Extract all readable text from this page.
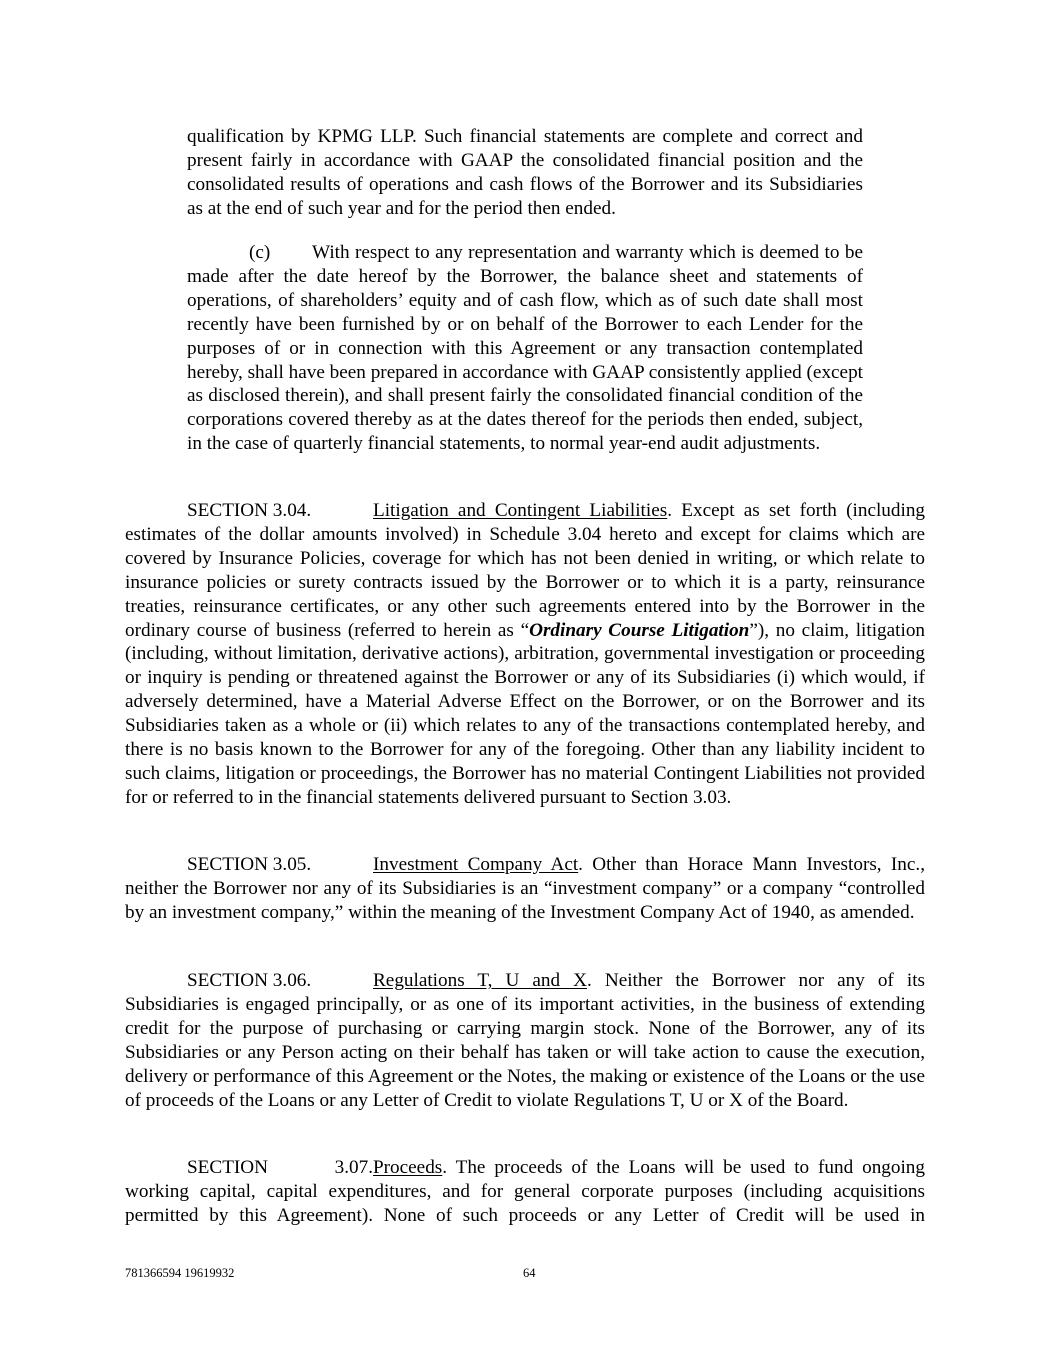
qualification by KPMG LLP. Such financial statements are complete and correct and present fairly in accordance with GAAP the consolidated financial position and the consolidated results of operations and cash flows of the Borrower and its Subsidiaries as at the end of such year and for the period then ended.

(c) With respect to any representation and warranty which is deemed to be made after the date hereof by the Borrower, the balance sheet and statements of operations, of shareholders’ equity and of cash flow, which as of such date shall most recently have been furnished by or on behalf of the Borrower to each Lender for the purposes of or in connection with this Agreement or any transaction contemplated hereby, shall have been prepared in accordance with GAAP consistently applied (except as disclosed therein), and shall present fairly the consolidated financial condition of the corporations covered thereby as at the dates thereof for the periods then ended, subject, in the case of quarterly financial statements, to normal year-end audit adjustments.

SECTION 3.04.	Litigation and Contingent Liabilities. Except as set forth (including estimates of the dollar amounts involved) in Schedule 3.04 hereto and except for claims which are covered by Insurance Policies, coverage for which has not been denied in writing, or which relate to insurance policies or surety contracts issued by the Borrower or to which it is a party, reinsurance treaties, reinsurance certificates, or any other such agreements entered into by the Borrower in the ordinary course of business (referred to herein as “Ordinary Course Litigation”), no claim, litigation (including, without limitation, derivative actions), arbitration, governmental investigation or proceeding or inquiry is pending or threatened against the Borrower or any of its Subsidiaries (i) which would, if adversely determined, have a Material Adverse Effect on the Borrower, or on the Borrower and its Subsidiaries taken as a whole or (ii) which relates to any of the transactions contemplated hereby, and there is no basis known to the Borrower for any of the foregoing. Other than any liability incident to such claims, litigation or proceedings, the Borrower has no material Contingent Liabilities not provided for or referred to in the financial statements delivered pursuant to Section 3.03.

SECTION 3.05.	Investment Company Act. Other than Horace Mann Investors, Inc., neither the Borrower nor any of its Subsidiaries is an “investment company” or a company “controlled by an investment company,” within the meaning of the Investment Company Act of 1940, as amended.

SECTION 3.06.	Regulations T, U and X. Neither the Borrower nor any of its Subsidiaries is engaged principally, or as one of its important activities, in the business of extending credit for the purpose of purchasing or carrying margin stock. None of the Borrower, any of its Subsidiaries or any Person acting on their behalf has taken or will take action to cause the execution, delivery or performance of this Agreement or the Notes, the making or existence of the Loans or the use of proceeds of the Loans or any Letter of Credit to violate Regulations T, U or X of the Board.

SECTION 3.07.Proceeds. The proceeds of the Loans will be used to fund ongoing working capital, capital expenditures, and for general corporate purposes (including acquisitions permitted by this Agreement). None of such proceeds or any Letter of Credit will be used in

781366594 19619932	64
